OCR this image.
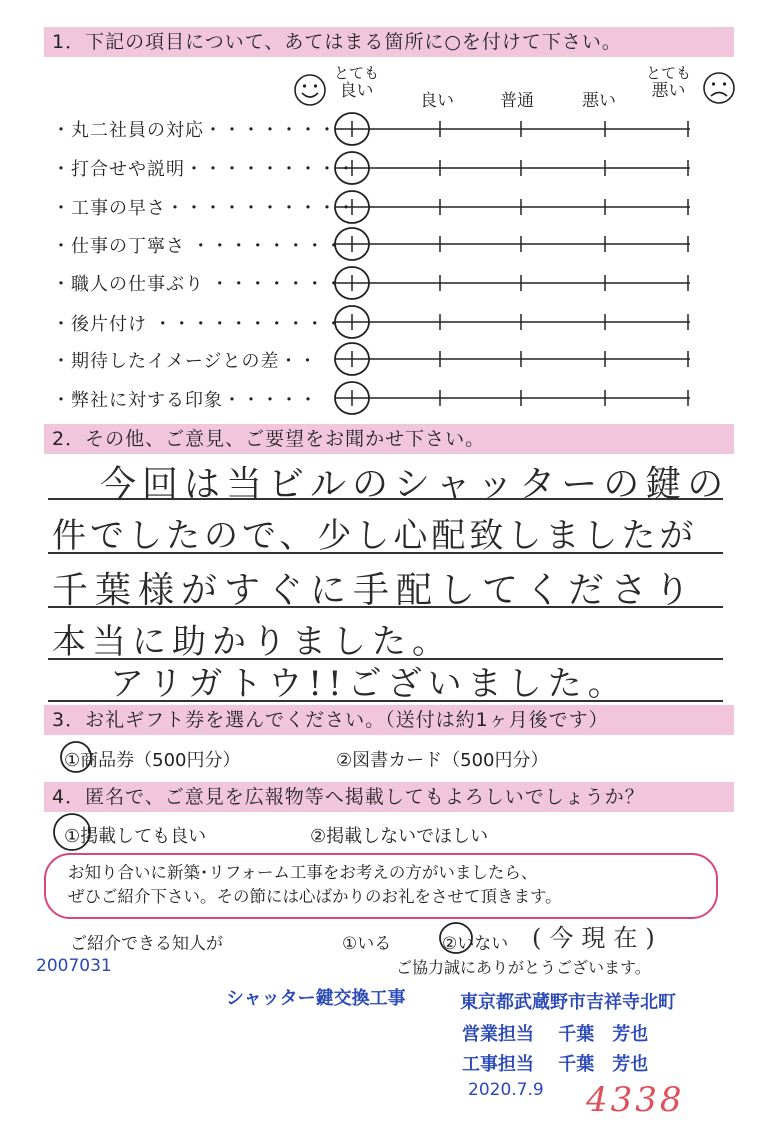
1．下記の項目について、あてはまる箇所に○を付けて下さい。
とても
良い	良い	普通	悪い
とても
悪い
・丸二社員の対応・・・・・・・
・打合せや説明・・・・・・・・・
・工事の早さ・・・・・・・・・・
・仕事の丁寧さ ・・・・・・・・
・職人の仕事ぶり ・・・・・・・
・後片付け ・・・・・・・・・・
・期待したイメージとの差・・
・弊社に対する印象・・・・・
2．その他、ご意見、ご要望をお聞かせ下さい。
今回は当ビルのシャッターの鍵の
件でしたので、少し心配致しましたが
千葉様がすぐに手配してくださり
本当に助かりました。
アリガトウ!!ございました。
3．お礼ギフト券を選んでください。（送付は約1ヶ月後です）
①商品券（500円分）	②図書カード（500円分）
4．匿名で、ご意見を広報物等へ掲載してもよろしいでしょうか？
①掲載しても良い	②掲載しないでほしい
お知り合いに新築･リフォーム工事をお考えの方がいましたら、
ぜひご紹介下さい。その節には心ばかりのお礼をさせて頂きます。
ご紹介できる知人が	①いる	②いない (今現在)
ご協力誠にありがとうございます。
2007031
シャッター鍵交換工事	東京都武蔵野市吉祥寺北町
営業担当 千葉　芳也
工事担当 千葉　芳也
2020.7.9 4338
